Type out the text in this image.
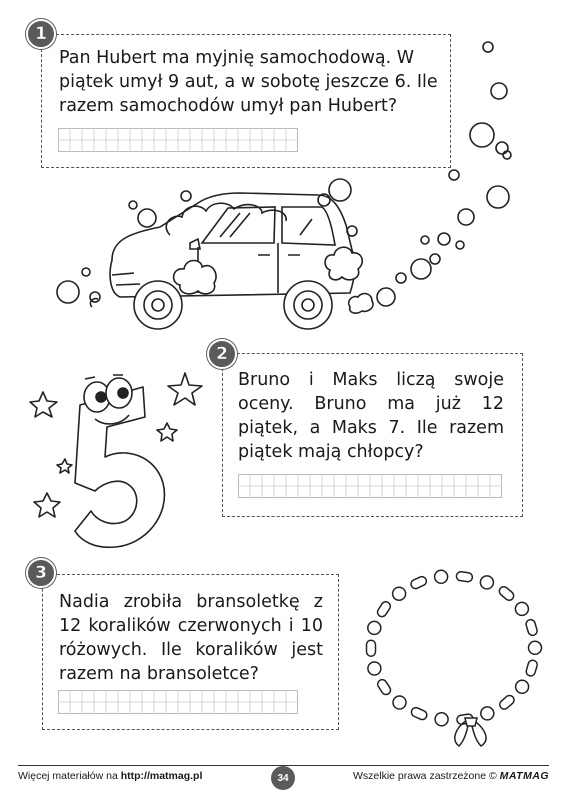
1
Pan Hubert ma myjnię samochodową. W
piątek umył 9 aut, a w sobotę jeszcze 6. Ile
razem samochodów umył pan Hubert?
2
Bruno i Maks liczą swoje
oceny. Bruno ma już 12
piątek, a Maks 7. Ile razem
piątek mają chłopcy?
3
Nadia zrobiła bransoletkę z
12 koralików czerwonych i 10
różowych. Ile koralików jest
razem na bransoletce?
Więcej materiałów na http://matmag.pl	34	Wszelkie prawa zastrzeżone © MATMAG
